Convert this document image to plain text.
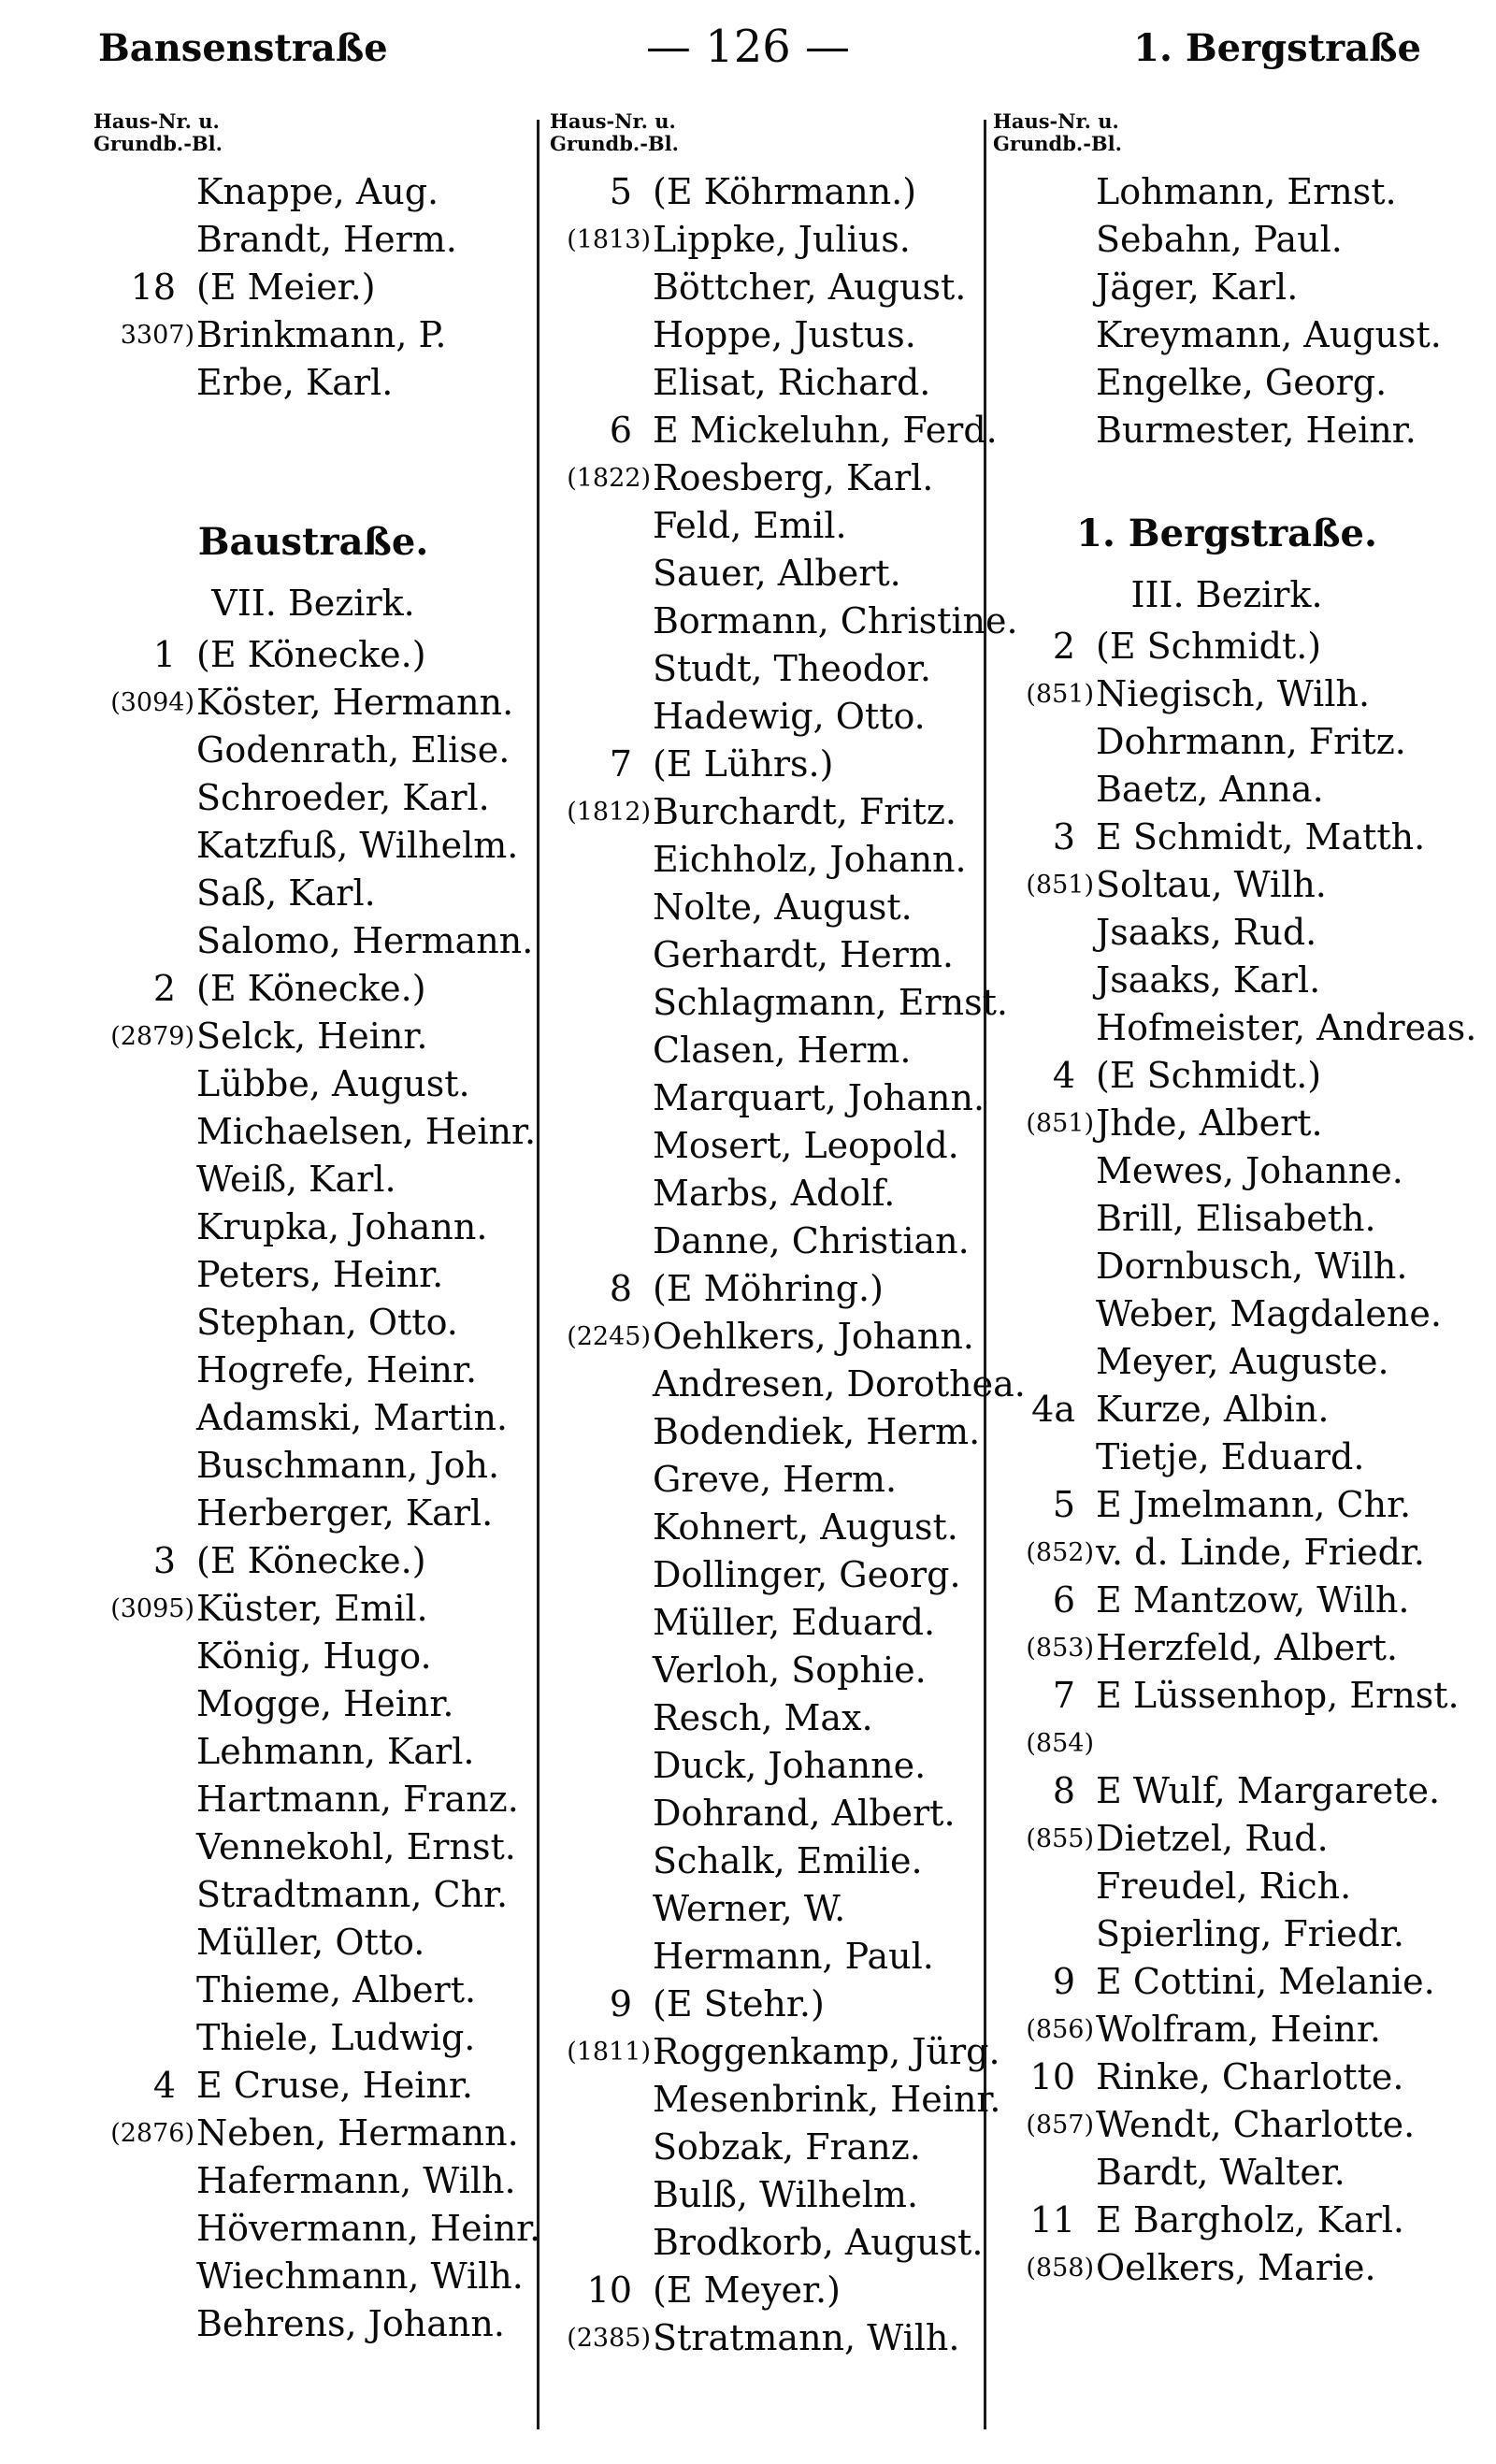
Bansenstraße	— 126 —	1. Bergstraße
Haus-Nr. u.
Grundb.-Bl.
Knappe, Aug.
Brandt, Herm.
18 (E Meier.)
3307) Brinkmann, P.
Erbe, Karl.
Baustraße.
VII. Bezirk.
1 (E Könecke.)
(3094) Köster, Hermann.
Godenrath, Elise.
Schroeder, Karl.
Katzfuß, Wilhelm.
Saß, Karl.
Salomo, Hermann.
2 (E Könecke.)
(2879) Selck, Heinr.
Lübbe, August.
Michaelsen, Heinr.
Weiß, Karl.
Krupka, Johann.
Peters, Heinr.
Stephan, Otto.
Hogrefe, Heinr.
Adamski, Martin.
Buschmann, Joh.
Herberger, Karl.
3 (E Könecke.)
(3095) Küster, Emil.
König, Hugo.
Mogge, Heinr.
Lehmann, Karl.
Hartmann, Franz.
Vennekohl, Ernst.
Stradtmann, Chr.
Müller, Otto.
Thieme, Albert.
Thiele, Ludwig.
4 E Cruse, Heinr.
(2876) Neben, Hermann.
Hafermann, Wilh.
Hövermann, Heinr.
Wiechmann, Wilh.
Behrens, Johann.
Haus-Nr. u.
Grundb.-Bl.
5 (E Köhrmann.)
(1813) Lippke, Julius.
Böttcher, August.
Hoppe, Justus.
Elisat, Richard.
6 E Mickeluhn, Ferd.
(1822) Roesberg, Karl.
Feld, Emil.
Sauer, Albert.
Bormann, Christine.
Studt, Theodor.
Hadewig, Otto.
7 (E Lührs.)
(1812) Burchardt, Fritz.
Eichholz, Johann.
Nolte, August.
Gerhardt, Herm.
Schlagmann, Ernst.
Clasen, Herm.
Marquart, Johann.
Mosert, Leopold.
Marbs, Adolf.
Danne, Christian.
8 (E Möhring.)
(2245) Oehlkers, Johann.
Andresen, Dorothea.
Bodendiek, Herm.
Greve, Herm.
Kohnert, August.
Dollinger, Georg.
Müller, Eduard.
Verloh, Sophie.
Resch, Max.
Duck, Johanne.
Dohrand, Albert.
Schalk, Emilie.
Werner, W.
Hermann, Paul.
9 (E Stehr.)
(1811) Roggenkamp, Jürg.
Mesenbrink, Heinr.
Sobzak, Franz.
Bulß, Wilhelm.
Brodkorb, August.
10 (E Meyer.)
(2385) Stratmann, Wilh.
Haus-Nr. u.
Grundb.-Bl.
Lohmann, Ernst.
Sebahn, Paul.
Jäger, Karl.
Kreymann, August.
Engelke, Georg.
Burmester, Heinr.
1. Bergstraße.
III. Bezirk.
2 (E Schmidt.)
(851) Niegisch, Wilh.
Dohrmann, Fritz.
Baetz, Anna.
3 E Schmidt, Matth.
(851) Soltau, Wilh.
Jsaaks, Rud.
Jsaaks, Karl.
Hofmeister, Andreas.
4 (E Schmidt.)
(851) Jhde, Albert.
Mewes, Johanne.
Brill, Elisabeth.
Dornbusch, Wilh.
Weber, Magdalene.
Meyer, Auguste.
4a Kurze, Albin.
Tietje, Eduard.
5 E Jmelmann, Chr.
(852) v. d. Linde, Friedr.
6 E Mantzow, Wilh.
(853) Herzfeld, Albert.
7 E Lüssenhop, Ernst.
(854)
8 E Wulf, Margarete.
(855) Dietzel, Rud.
Freudel, Rich.
Spierling, Friedr.
9 E Cottini, Melanie.
(856) Wolfram, Heinr.
10 Rinke, Charlotte.
(857) Wendt, Charlotte.
Bardt, Walter.
11 E Bargholz, Karl.
(858) Oelkers, Marie.
